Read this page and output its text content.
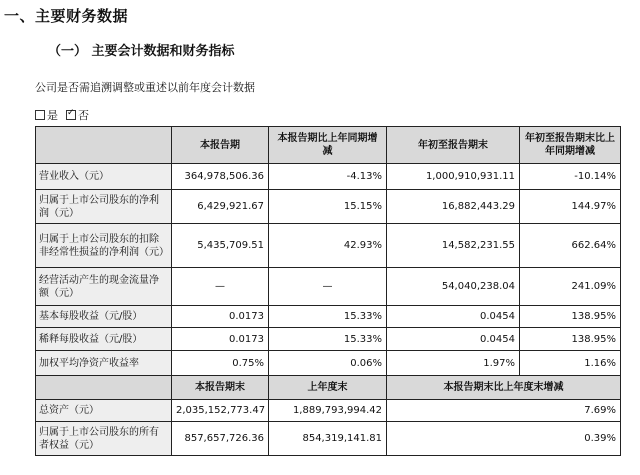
一、主要财务数据
（一） 主要会计数据和财务指标
公司是否需追溯调整或重述以前年度会计数据
是 ✓ 否
	本报告期	本报告期比上年同期增减	年初至报告期末	年初至报告期末比上年同期增减
营业收入（元）	364,978,506.36	-4.13%	1,000,910,931.11	-10.14%
归属于上市公司股东的净利润（元）	6,429,921.67	15.15%	16,882,443.29	144.97%
归属于上市公司股东的扣除非经常性损益的净利润（元）	5,435,709.51	42.93%	14,582,231.55	662.64%
经营活动产生的现金流量净额（元）	—	—	54,040,238.04	241.09%
基本每股收益（元/股）	0.0173	15.33%	0.0454	138.95%
稀释每股收益（元/股）	0.0173	15.33%	0.0454	138.95%
加权平均净资产收益率	0.75%	0.06%	1.97%	1.16%
	本报告期末	上年度末	本报告期末比上年度末增减	
总资产（元）	2,035,152,773.47	1,889,793,994.42	7.69%	
归属于上市公司股东的所有者权益（元）	857,657,726.36	854,319,141.81	0.39%	
